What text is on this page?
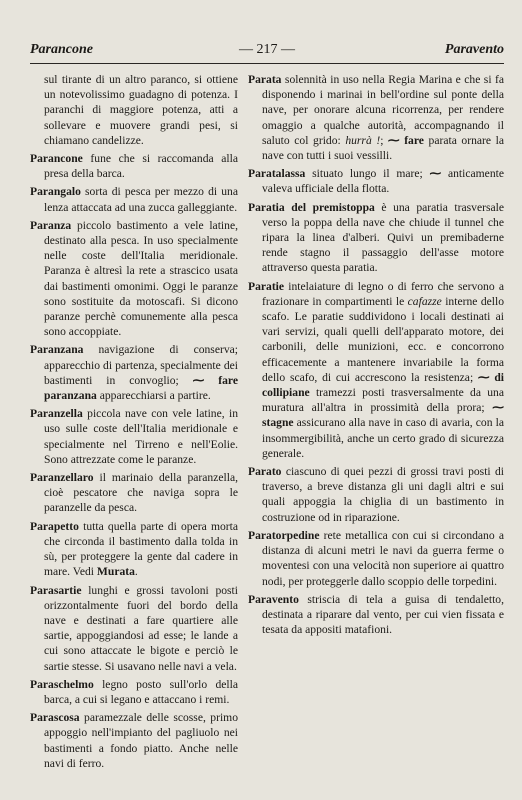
Parancone	— 217 —	Paravento

sul tirante di un altro paranco, si ottiene un notevolissimo guadagno di potenza. I paranchi di maggiore potenza, atti a sollevare e muovere grandi pesi, si chiamano candelizze.

Parancone fune che si raccomanda alla presa della barca.

Parangalo sorta di pesca per mezzo di una lenza attaccata ad una zucca galleggiante.

Paranza piccolo bastimento a vele latine, destinato alla pesca. In uso specialmente nelle coste dell'Italia meridionale. Paranza è altresì la rete a strascico usata dai bastimenti omonimi. Oggi le paranze sono sostituite da motoscafi. Si dicono paranze perchè comunemente alla pesca sono accoppiate.

Paranzana navigazione di conserva; apparecchio di partenza, specialmente dei bastimenti in convoglio; ⁓ fare paranzana apparecchiarsi a partire.

Paranzella piccola nave con vele latine, in uso sulle coste dell'Italia meridionale e specialmente nel Tirreno e nell'Eolie. Sono attrezzate come le paranze.

Paranzellaro il marinaio della paranzella, cioè pescatore che naviga sopra le paranzelle da pesca.

Parapetto tutta quella parte di opera morta che circonda il bastimento dalla tolda in sù, per proteggere la gente dal cadere in mare. Vedi Murata.

Parasartie lunghi e grossi tavoloni posti orizzontalmente fuori del bordo della nave e destinati a fare quartiere alle sartie, appoggiandosi ad esse; le lande a cui sono attaccate le bigote e perciò le sartie stesse. Si usavano nelle navi a vela.

Paraschelmo legno posto sull'orlo della barca, a cui si legano e attaccano i remi.

Parascosa paramezzale delle scosse, primo appoggio nell'impianto del pagliuolo nei bastimenti a fondo piatto. Anche nelle navi di ferro.

Parata solennità in uso nella Regia Marina e che si fa disponendo i marinai in bell'ordine sul ponte della nave, per onorare alcuna ricorrenza, per rendere omaggio a qualche autorità, accompagnando il saluto col grido: hurrà !; ⁓ fare parata ornare la nave con tutti i suoi vessilli.

Paratalassa situato lungo il mare; ⁓ anticamente valeva ufficiale della flotta.

Paratia del premistoppa è una paratia trasversale verso la poppa della nave che chiude il tunnel che ripara la linea d'alberi. Quivi un premibaderne rende stagno il passaggio dell'asse motore attraverso questa paratia.

Paratie intelaiature di legno o di ferro che servono a frazionare in compartimenti le cafazze interne dello scafo. Le paratie suddividono i locali destinati ai vari servizi, quali quelli dell'apparato motore, dei carbonili, delle munizioni, ecc. e concorrono efficacemente a mantenere invariabile la forma dello scafo, di cui accrescono la resistenza; ⁓ di collipiane tramezzi posti trasversalmente da una muratura all'altra in prossimità della prora; ⁓ stagne assicurano alla nave in caso di avaria, con la insommergibilità, anche un certo grado di sicurezza generale.

Parato ciascuno di quei pezzi di grossi travi posti di traverso, a breve distanza gli uni dagli altri e sui quali appoggia la chiglia di un bastimento in costruzione od in riparazione.

Paratorpedine rete metallica con cui si circondano a distanza di alcuni metri le navi da guerra ferme o moventesi con una velocità non superiore ai quattro nodi, per proteggerle dallo scoppio delle torpedini.

Paravento striscia di tela a guisa di tendaletto, destinata a riparare dal vento, per cui vien fissata e tesata da appositi matafioni.
